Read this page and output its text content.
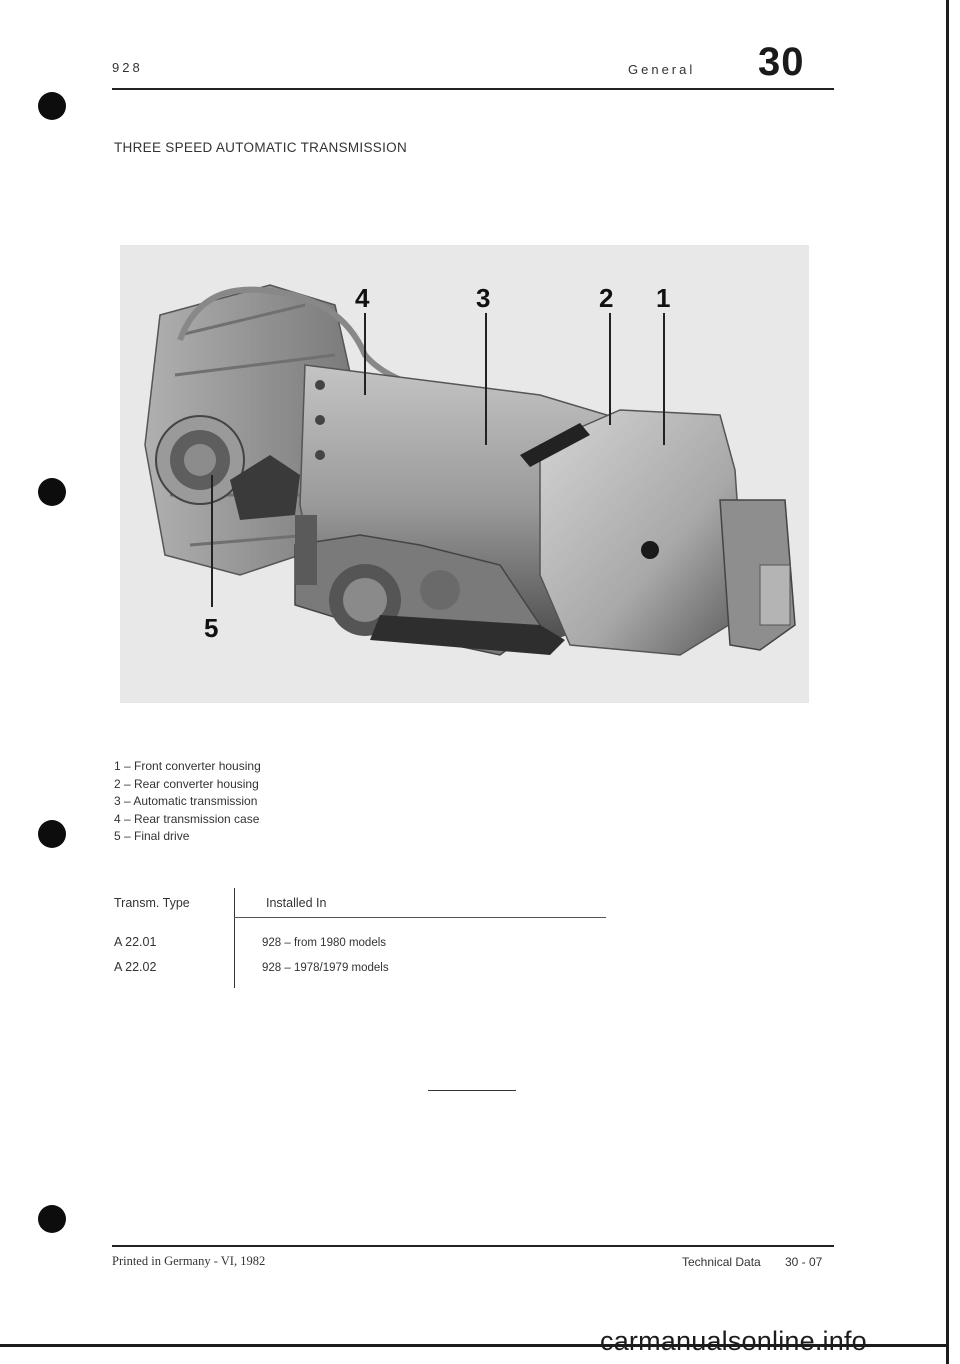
928	General 30
THREE SPEED AUTOMATIC TRANSMISSION
4	3	2 1
5
1 – Front converter housing
2 – Rear converter housing
3 – Automatic transmission
4 – Rear transmission case
5 – Final drive
Transm. Type	Installed In
A 22.01	928 – from 1980 models
A 22.02	928 – 1978/1979 models
Printed in Germany - VI, 1982	Technical Data 30 - 07
carmanualsonline.info
